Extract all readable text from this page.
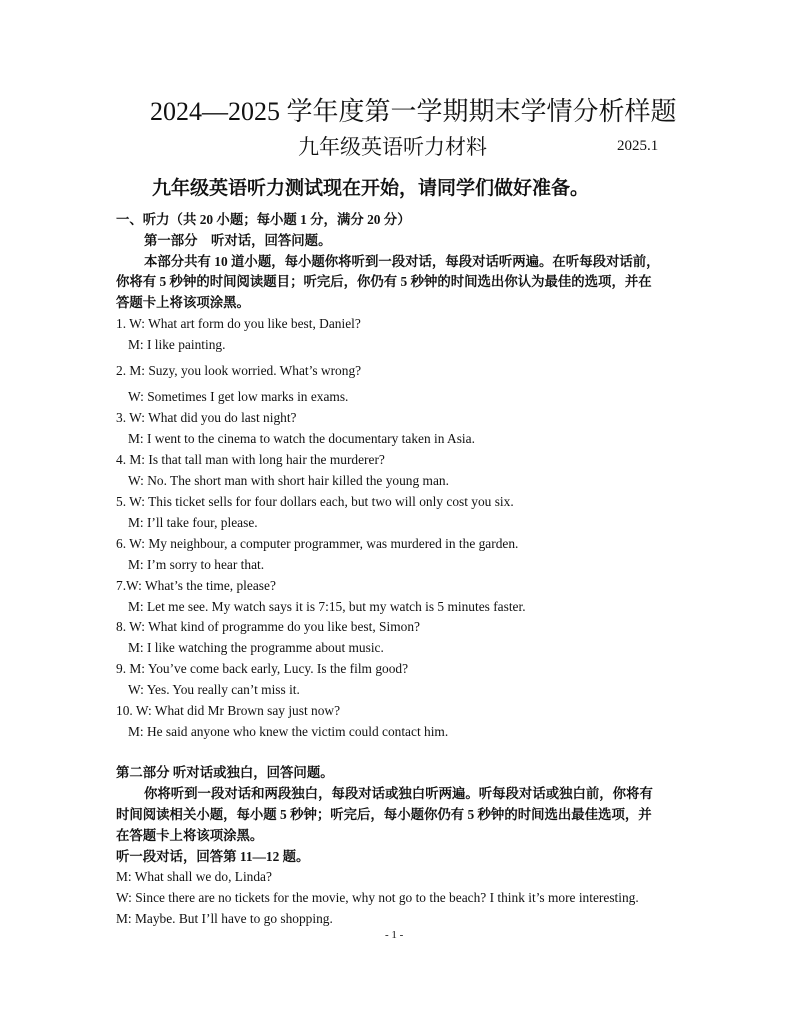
2024—2025 学年度第一学期期末学情分析样题
九年级英语听力材料	2025.1
九年级英语听力测试现在开始，请同学们做好准备。
一、听力（共 20 小题；每小题 1 分，满分 20 分）
第一部分　听对话，回答问题。
本部分共有 10 道小题，每小题你将听到一段对话，每段对话听两遍。在听每段对话前，
你将有 5 秒钟的时间阅读题目；听完后，你仍有 5 秒钟的时间选出你认为最佳的选项，并在
答题卡上将该项涂黑。
1. W: What art form do you like best, Daniel?
M: I like painting.
2. M: Suzy, you look worried. What’s wrong?
W: Sometimes I get low marks in exams.
3. W: What did you do last night?
M: I went to the cinema to watch the documentary taken in Asia.
4. M: Is that tall man with long hair the murderer?
W: No. The short man with short hair killed the young man.
5. W: This ticket sells for four dollars each, but two will only cost you six.
M: I’ll take four, please.
6. W: My neighbour, a computer programmer, was murdered in the garden.
M: I’m sorry to hear that.
7.W: What’s the time, please?
M: Let me see. My watch says it is 7:15, but my watch is 5 minutes faster.
8. W: What kind of programme do you like best, Simon?
M: I like watching the programme about music.
9. M: You’ve come back early, Lucy. Is the film good?
W: Yes. You really can’t miss it.
10. W: What did Mr Brown say just now?
M: He said anyone who knew the victim could contact him.
第二部分 听对话或独白，回答问题。
你将听到一段对话和两段独白，每段对话或独白听两遍。听每段对话或独白前，你将有
时间阅读相关小题，每小题 5 秒钟；听完后，每小题你仍有 5 秒钟的时间选出最佳选项，并
在答题卡上将该项涂黑。
听一段对话，回答第 11—12 题。
M: What shall we do, Linda?
W: Since there are no tickets for the movie, why not go to the beach? I think it’s more interesting.
M: Maybe. But I’ll have to go shopping.
- 1 -
